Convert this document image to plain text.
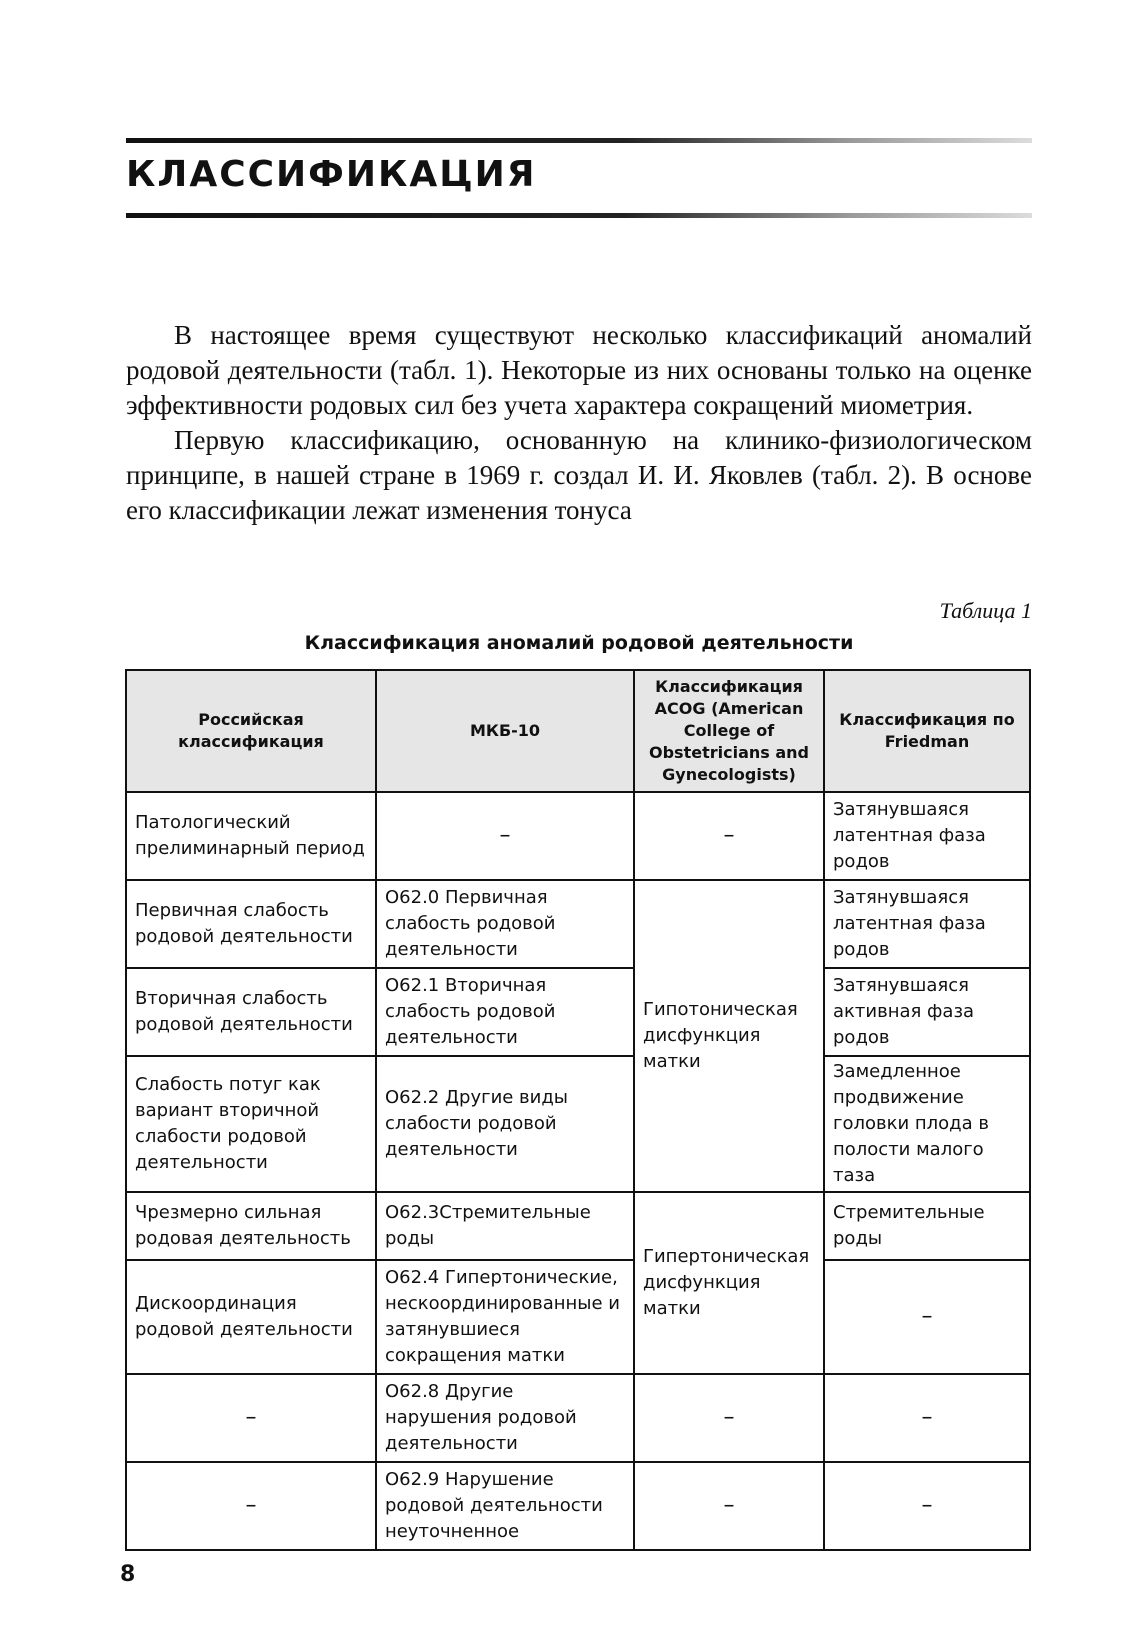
КЛАССИФИКАЦИЯ

В настоящее время существуют несколько классификаций аномалий родовой деятельности (табл. 1). Некоторые из них основаны только на оценке эффективности родовых сил без учета характера сокращений миометрия.

Первую классификацию, основанную на клинико-физиологическом принципе, в нашей стране в 1969 г. создал И. И. Яковлев (табл. 2). В основе его классификации лежат изменения тонуса

Таблица 1
Классификация аномалий родовой деятельности
Российская классификация	МКБ-10	Классификация ACOG (American College of Obstetricians and Gynecologists)	Классификация по Friedman
Патологический прелиминарный период	–	–	Затянувшаяся латентная фаза родов
Первичная слабость родовой деятельности	O62.0 Первичная слабость родовой деятельности	Гипотоническая дисфункция матки	Затянувшаяся латентная фаза родов
Вторичная слабость родовой деятельности	O62.1 Вторичная слабость родовой деятельности		Затянувшаяся активная фаза родов
Слабость потуг как вариант вторичной слабости родовой деятельности	O62.2 Другие виды слабости родовой деятельности		Замедленное продвижение головки плода в полости малого таза
Чрезмерно сильная родовая деятельность	O62.3Стремительные роды	Гипертоническая дисфункция матки	Стремительные роды
Дискоординация родовой деятельности	O62.4 Гипертонические, нескоординированные и затянувшиеся сокращения матки		–
–	O62.8 Другие нарушения родовой деятельности	–	–
–	O62.9 Нарушение родовой деятельности неуточненное	–	–
8
